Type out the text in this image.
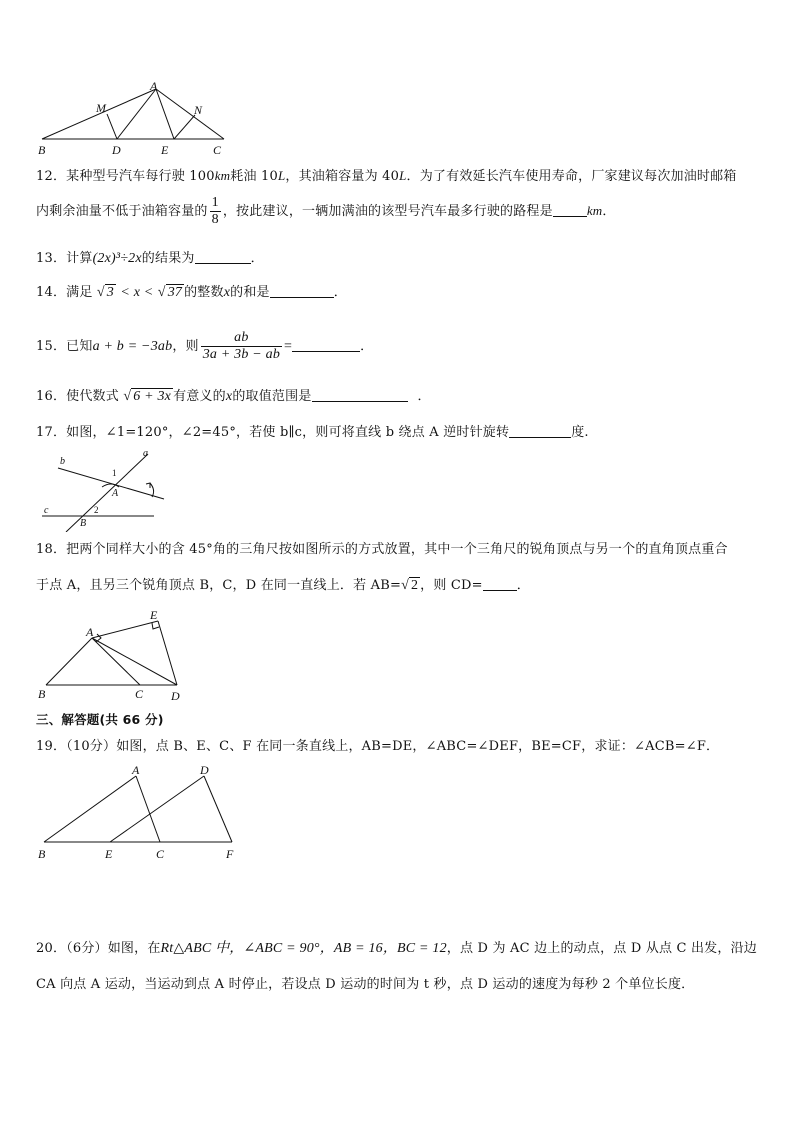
A
M	N
B	D	E	C
12．某种型号汽车每行驶 100km耗油 10L，其油箱容量为 40L．为了有效延长汽车使用寿命，厂家建议每次加油时邮箱
内剩余油量不低于油箱容量的 $\frac{1}{8}$ ，按此建议，一辆加满油的该型号汽车最多行驶的路程是	km．
13．计算(2x)³÷2x的结果为	．
14．满足 √ 3 < x < √ 37 的整数x的和是	．
15．已知a + b = −3ab，则 $\frac{ab}{3a + 3b - ab}$ =	．
16．使代数式 √ 6 + 3x 有意义的x的取值范围是	．
17．如图，∠1=120°，∠2=45°，若使 b∥c，则可将直线 b 绕点 A 逆时针旋转	度.
b
a
c
A
B
1
2
18．把两个同样大小的含 45°角的三角尺按如图所示的方式放置，其中一个三角尺的锐角顶点与另一个的直角顶点重合
于点 A，且另三个锐角顶点 B，C，D 在同一直线上．若 AB=√ 2 ，则 CD=	．
A
E
B	C D
三、解答题(共 66 分)
19．（10分）如图，点 B、E、C、F 在同一条直线上，AB=DE，∠ABC=∠DEF，BE=CF，求证：∠ACB=∠F．
A	D
B	E	C	F
20．（6分）如图，在Rt△ABC 中，∠ABC = 90°，AB = 16，BC = 12，点 D 为 AC 边上的动点，点 D 从点 C 出发，沿边
CA 向点 A 运动，当运动到点 A 时停止，若设点 D 运动的时间为 t 秒，点 D 运动的速度为每秒 2 个单位长度．
